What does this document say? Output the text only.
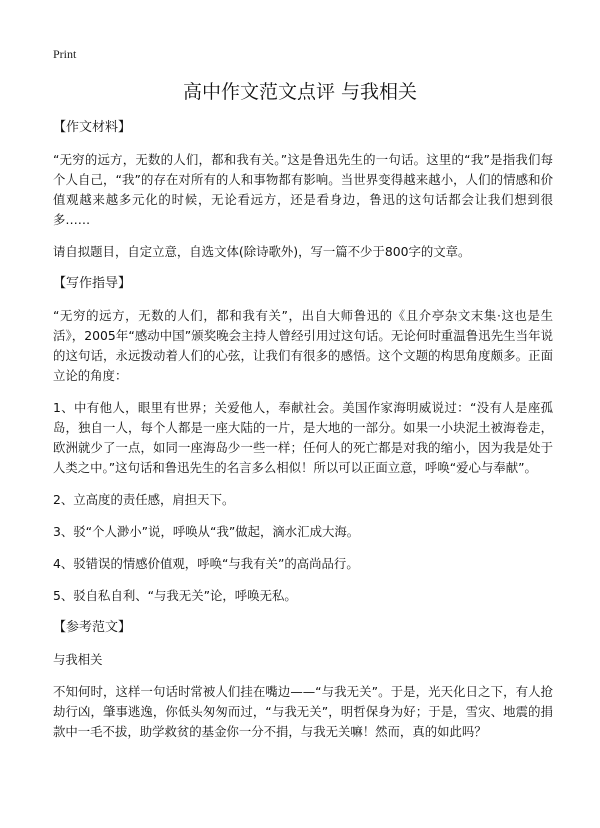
Print
高中作文范文点评 与我相关
【作文材料】

“无穷的远方，无数的人们，都和我有关。”这是鲁迅先生的一句话。这里的“我”是指我们每个人自己，“我”的存在对所有的人和事物都有影响。当世界变得越来越小，人们的情感和价值观越来越多元化的时候，无论看远方，还是看身边，鲁迅的这句话都会让我们想到很多……

请自拟题目，自定立意，自选文体(除诗歌外)，写一篇不少于800字的文章。

【写作指导】

“无穷的远方，无数的人们，都和我有关”，出自大师鲁迅的《且介亭杂文末集·这也是生活》，2005年“感动中国”颁奖晚会主持人曾经引用过这句话。无论何时重温鲁迅先生当年说的这句话，永远拨动着人们的心弦，让我们有很多的感悟。这个文题的构思角度颇多。正面立论的角度：

1、中有他人，眼里有世界；关爱他人，奉献社会。美国作家海明威说过：“没有人是座孤岛，独自一人，每个人都是一座大陆的一片，是大地的一部分。如果一小块泥土被海卷走，欧洲就少了一点，如同一座海岛少一些一样；任何人的死亡都是对我的缩小，因为我是处于人类之中。”这句话和鲁迅先生的名言多么相似！所以可以正面立意，呼唤“爱心与奉献”。

2、立高度的责任感，肩担天下。

3、驳“个人渺小”说，呼唤从“我”做起，滴水汇成大海。

4、驳错误的情感价值观，呼唤“与我有关”的高尚品行。

5、驳自私自利、“与我无关”论，呼唤无私。

【参考范文】

与我相关

不知何时，这样一句话时常被人们挂在嘴边——“与我无关”。于是，光天化日之下，有人抢劫行凶，肇事逃逸，你低头匆匆而过，“与我无关”，明哲保身为好；于是，雪灾、地震的捐款中一毛不拔，助学救贫的基金你一分不捐，与我无关嘛！然而，真的如此吗？
